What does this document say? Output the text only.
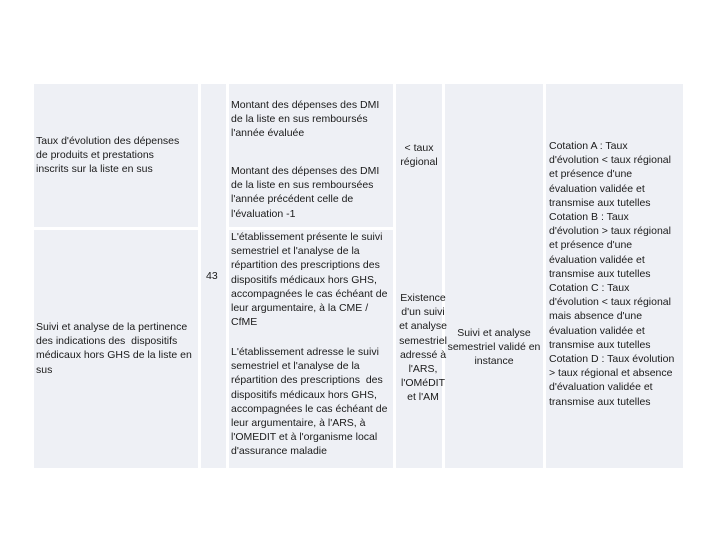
Taux d'évolution des dépenses
de produits et prestations
inscrits sur la liste en sus
Suivi et analyse de la pertinence
des indications des  dispositifs
médicaux hors GHS de la liste en
sus
43
Montant des dépenses des DMI
de la liste en sus remboursés
l'année évaluée
Montant des dépenses des DMI
de la liste en sus remboursées
l'année précédent celle de
l'évaluation -1
< taux
régional
L'établissement présente le suivi
semestriel et l'analyse de la
répartition des prescriptions des
dispositifs médicaux hors GHS,
accompagnées le cas échéant de
leur argumentaire, à la CME /
CfME
L'établissement adresse le suivi
semestriel et l'analyse de la
répartition des prescriptions  des
dispositifs médicaux hors GHS,
accompagnées le cas échéant de
leur argumentaire, à l'ARS, à
l'OMEDIT et à l'organisme local
d'assurance maladie
Existence
d'un suivi
et analyse
semestriel
adressé à
l'ARS,
l'OMéDIT
et l'AM
Suivi et analyse
semestriel validé en
instance
Cotation A : Taux
d'évolution < taux régional
et présence d'une
évaluation validée et
transmise aux tutelles
Cotation B : Taux
d'évolution > taux régional
et présence d'une
évaluation validée et
transmise aux tutelles
Cotation C : Taux
d'évolution < taux régional
mais absence d'une
évaluation validée et
transmise aux tutelles
Cotation D : Taux évolution
> taux régional et absence
d'évaluation validée et
transmise aux tutelles
